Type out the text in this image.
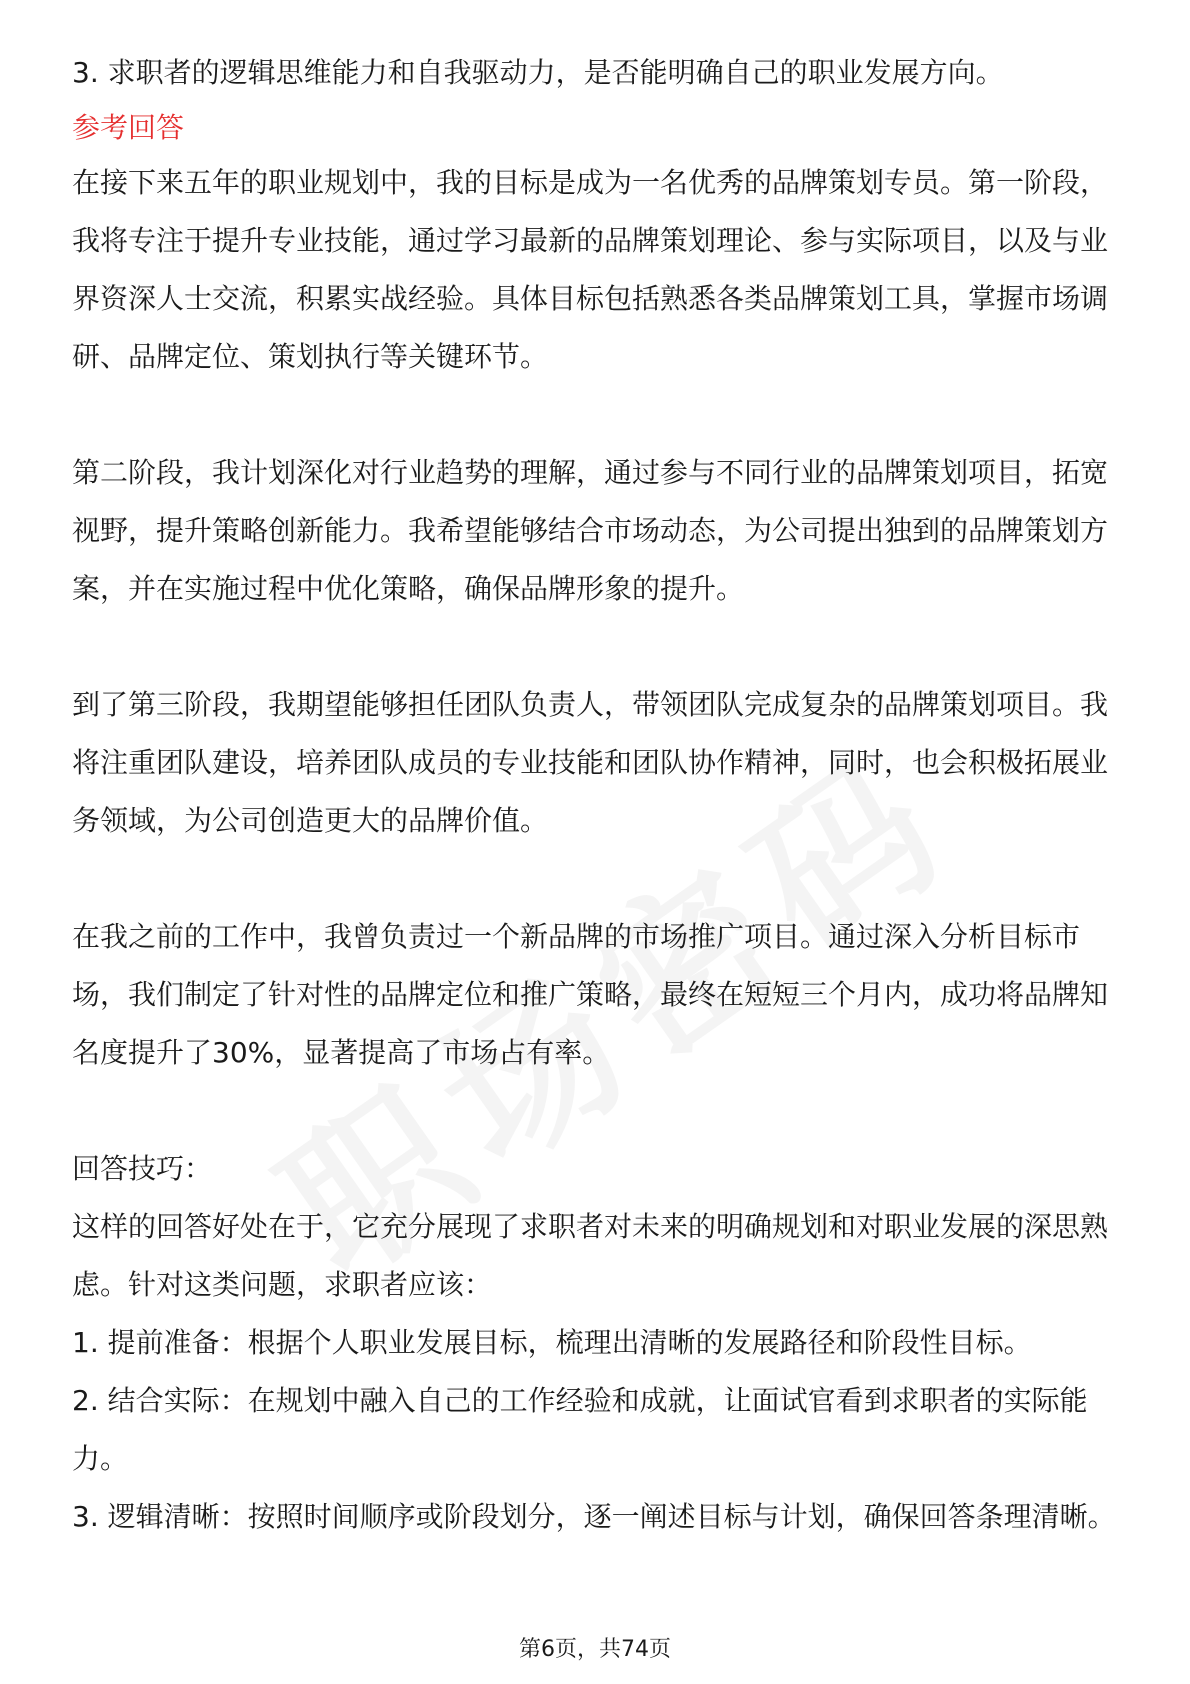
3. 求职者的逻辑思维能力和自我驱动力，是否能明确自己的职业发展方向。

参考回答

在接下来五年的职业规划中，我的目标是成为一名优秀的品牌策划专员。第一阶段，我将专注于提升专业技能，通过学习最新的品牌策划理论、参与实际项目，以及与业界资深人士交流，积累实战经验。具体目标包括熟悉各类品牌策划工具，掌握市场调研、品牌定位、策划执行等关键环节。

第二阶段，我计划深化对行业趋势的理解，通过参与不同行业的品牌策划项目，拓宽视野，提升策略创新能力。我希望能够结合市场动态，为公司提出独到的品牌策划方案，并在实施过程中优化策略，确保品牌形象的提升。

到了第三阶段，我期望能够担任团队负责人，带领团队完成复杂的品牌策划项目。我将注重团队建设，培养团队成员的专业技能和团队协作精神，同时，也会积极拓展业务领域，为公司创造更大的品牌价值。

在我之前的工作中，我曾负责过一个新品牌的市场推广项目。通过深入分析目标市场，我们制定了针对性的品牌定位和推广策略，最终在短短三个月内，成功将品牌知名度提升了30%，显著提高了市场占有率。

回答技巧：

这样的回答好处在于，它充分展现了求职者对未来的明确规划和对职业发展的深思熟虑。针对这类问题，求职者应该：

1. 提前准备：根据个人职业发展目标，梳理出清晰的发展路径和阶段性目标。

2. 结合实际：在规划中融入自己的工作经验和成就，让面试官看到求职者的实际能力。

3. 逻辑清晰：按照时间顺序或阶段划分，逐一阐述目标与计划，确保回答条理清晰。

第6页，共74页
